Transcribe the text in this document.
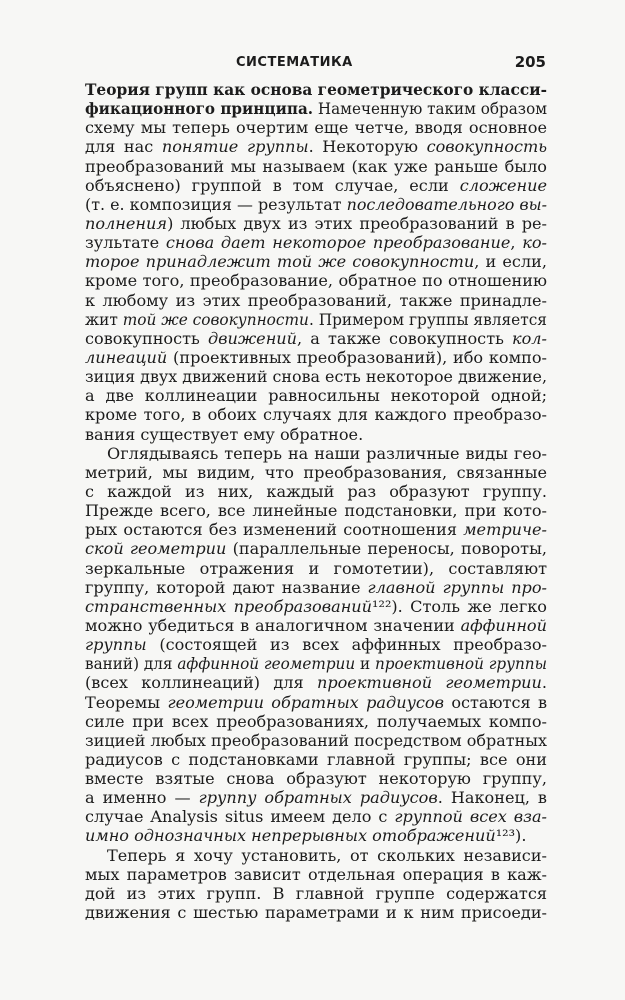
СИСТЕМАТИКА	205
Теория групп как основа геометрического класси-
фикационного принципа. Намеченную таким образом
схему мы теперь очертим еще четче, вводя основное
для нас понятие группы. Некоторую совокупность
преобразований мы называем (как уже раньше было
объяснено) группой в том случае, если сложение
(т. е. композиция — результат последовательного вы-
полнения) любых двух из этих преобразований в ре-
зультате снова дает некоторое преобразование, ко-
торое принадлежит той же совокупности, и если,
кроме того, преобразование, обратное по отношению
к любому из этих преобразований, также принадле-
жит той же совокупности. Примером группы является
совокупность движений, а также совокупность кол-
линеаций (проективных преобразований), ибо компо-
зиция двух движений снова есть некоторое движение,
а две коллинеации равносильны некоторой одной;
кроме того, в обоих случаях для каждого преобразо-
вания существует ему обратное.
Оглядываясь теперь на наши различные виды гео-
метрий, мы видим, что преобразования, связанные
с каждой из них, каждый раз образуют группу.
Прежде всего, все линейные подстановки, при кото-
рых остаются без изменений соотношения метриче-
ской геометрии (параллельные переносы, повороты,
зеркальные отражения и гомотетии), составляют
группу, которой дают название главной группы про-
странственных преобразований¹²²). Столь же легко
можно убедиться в аналогичном значении аффинной
группы (состоящей из всех аффинных преобразо-
ваний) для аффинной геометрии и проективной группы
(всех коллинеаций) для проективной геометрии.
Теоремы геометрии обратных радиусов остаются в
силе при всех преобразованиях, получаемых компо-
зицией любых преобразований посредством обратных
радиусов с подстановками главной группы; все они
вместе взятые снова образуют некоторую группу,
а именно — группу обратных радиусов. Наконец, в
случае Analysis situs имеем дело с группой всех вза-
имно однозначных непрерывных отображений¹²³).
Теперь я хочу установить, от скольких независи-
мых параметров зависит отдельная операция в каж-
дой из этих групп. В главной группе содержатся
движения с шестью параметрами и к ним присоеди-
